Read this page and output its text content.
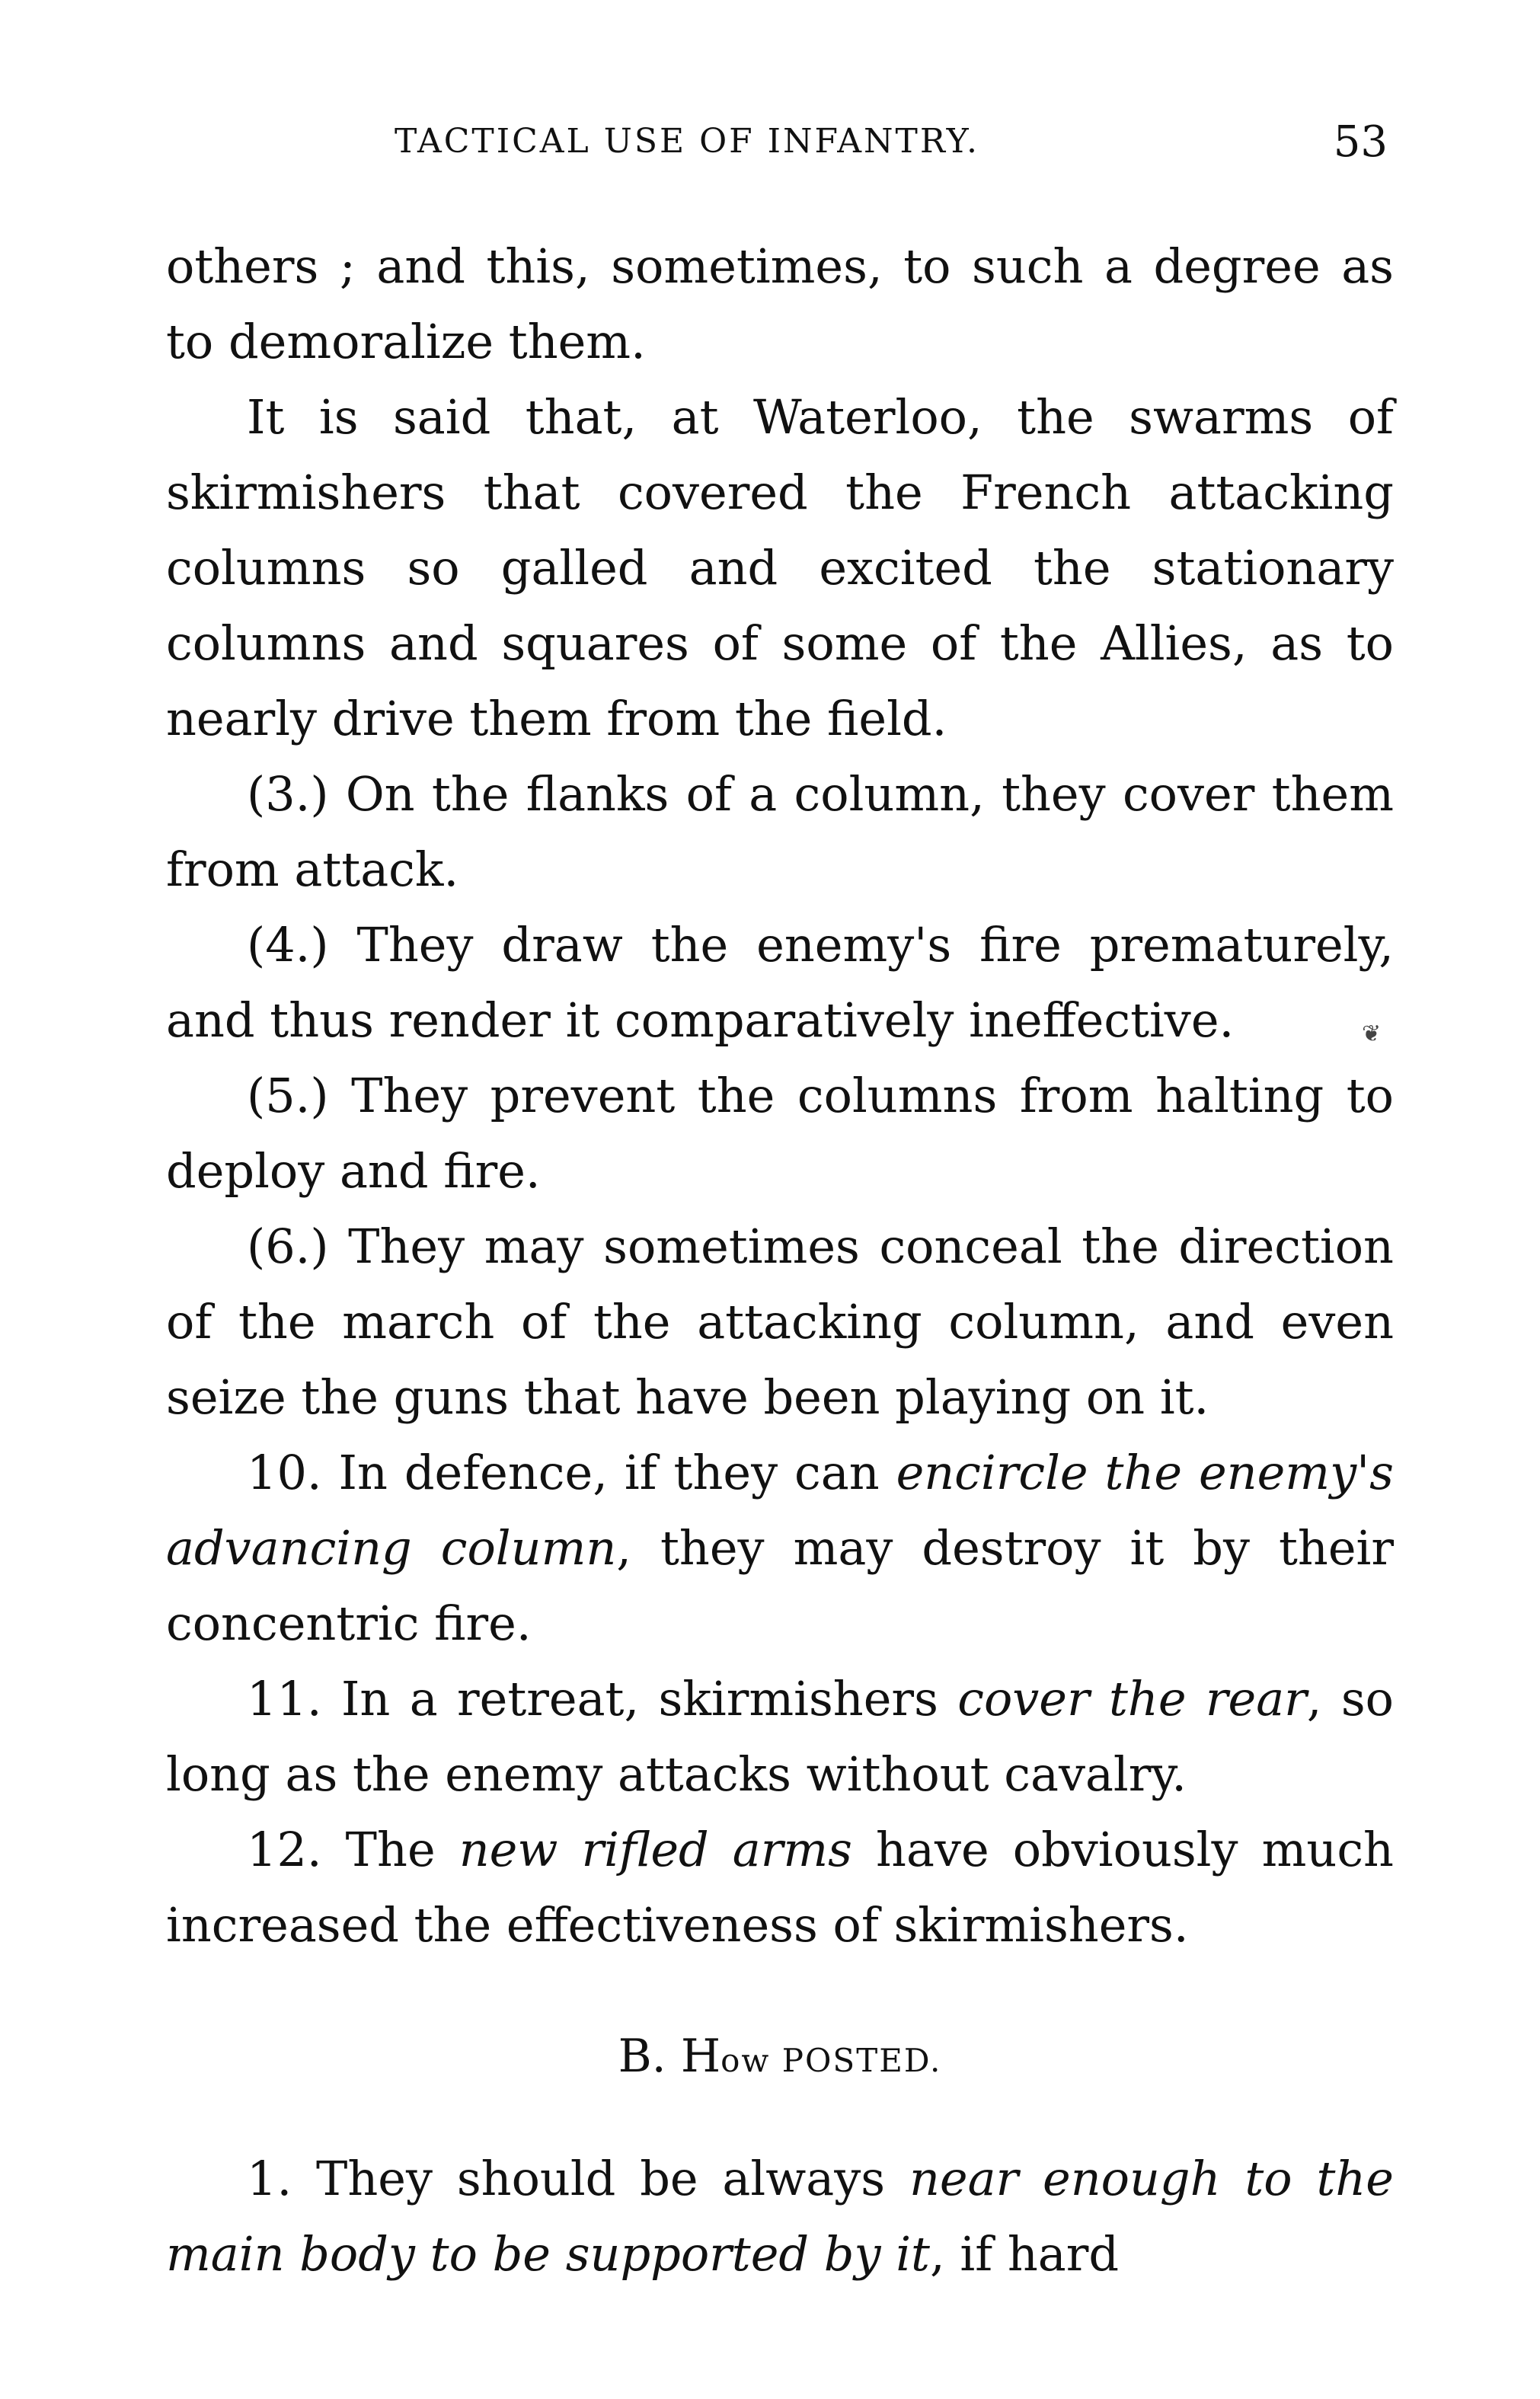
TACTICAL USE OF INFANTRY.	53

others ; and this, sometimes, to such a degree as to demoralize them.

It is said that, at Waterloo, the swarms of skirmishers that covered the French attacking columns so galled and excited the stationary columns and squares of some of the Allies, as to nearly drive them from the field.

(3.) On the flanks of a column, they cover them from attack.

(4.) They draw the enemy's fire prematurely, and thus render it comparatively ineffective.

(5.) They prevent the columns from halting to deploy and fire.

(6.) They may sometimes conceal the direction of the march of the attacking column, and even seize the guns that have been playing on it.

10. In defence, if they can encircle the enemy's advancing column, they may destroy it by their concentric fire.

11. In a retreat, skirmishers cover the rear, so long as the enemy attacks without cavalry.

12. The new rifled arms have obviously much increased the effectiveness of skirmishers.

B. How POSTED.

1. They should be always near enough to the main body to be supported by it, if hard

❦
